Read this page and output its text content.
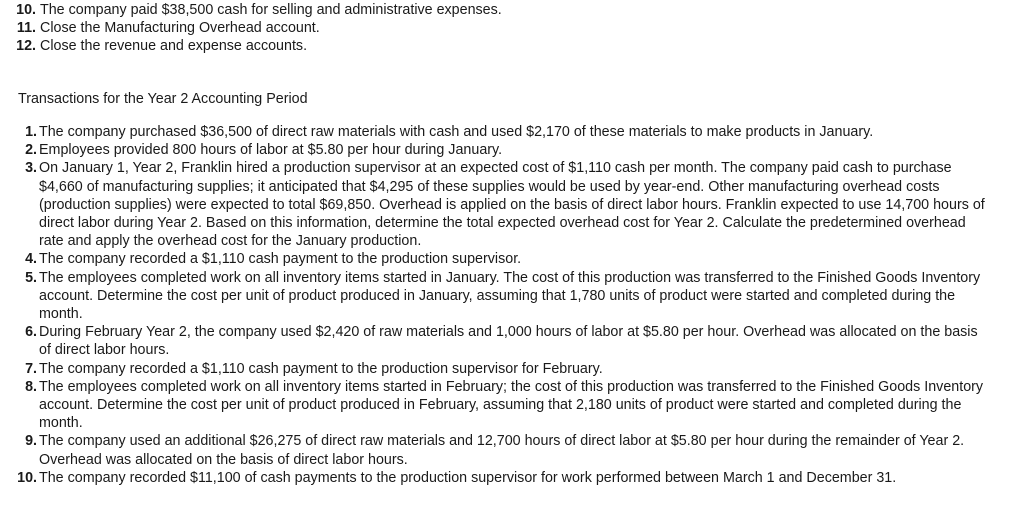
10. The company paid $38,500 cash for selling and administrative expenses.
11. Close the Manufacturing Overhead account.
12. Close the revenue and expense accounts.
Transactions for the Year 2 Accounting Period
1. The company purchased $36,500 of direct raw materials with cash and used $2,170 of these materials to make products in January.
2. Employees provided 800 hours of labor at $5.80 per hour during January.
3. On January 1, Year 2, Franklin hired a production supervisor at an expected cost of $1,110 cash per month. The company paid cash to purchase $4,660 of manufacturing supplies; it anticipated that $4,295 of these supplies would be used by year-end. Other manufacturing overhead costs (production supplies) were expected to total $69,850. Overhead is applied on the basis of direct labor hours. Franklin expected to use 14,700 hours of direct labor during Year 2. Based on this information, determine the total expected overhead cost for Year 2. Calculate the predetermined overhead rate and apply the overhead cost for the January production.
4. The company recorded a $1,110 cash payment to the production supervisor.
5. The employees completed work on all inventory items started in January. The cost of this production was transferred to the Finished Goods Inventory account. Determine the cost per unit of product produced in January, assuming that 1,780 units of product were started and completed during the month.
6. During February Year 2, the company used $2,420 of raw materials and 1,000 hours of labor at $5.80 per hour. Overhead was allocated on the basis of direct labor hours.
7. The company recorded a $1,110 cash payment to the production supervisor for February.
8. The employees completed work on all inventory items started in February; the cost of this production was transferred to the Finished Goods Inventory account. Determine the cost per unit of product produced in February, assuming that 2,180 units of product were started and completed during the month.
9. The company used an additional $26,275 of direct raw materials and 12,700 hours of direct labor at $5.80 per hour during the remainder of Year 2. Overhead was allocated on the basis of direct labor hours.
10. The company recorded $11,100 of cash payments to the production supervisor for work performed between March 1 and December 31.
